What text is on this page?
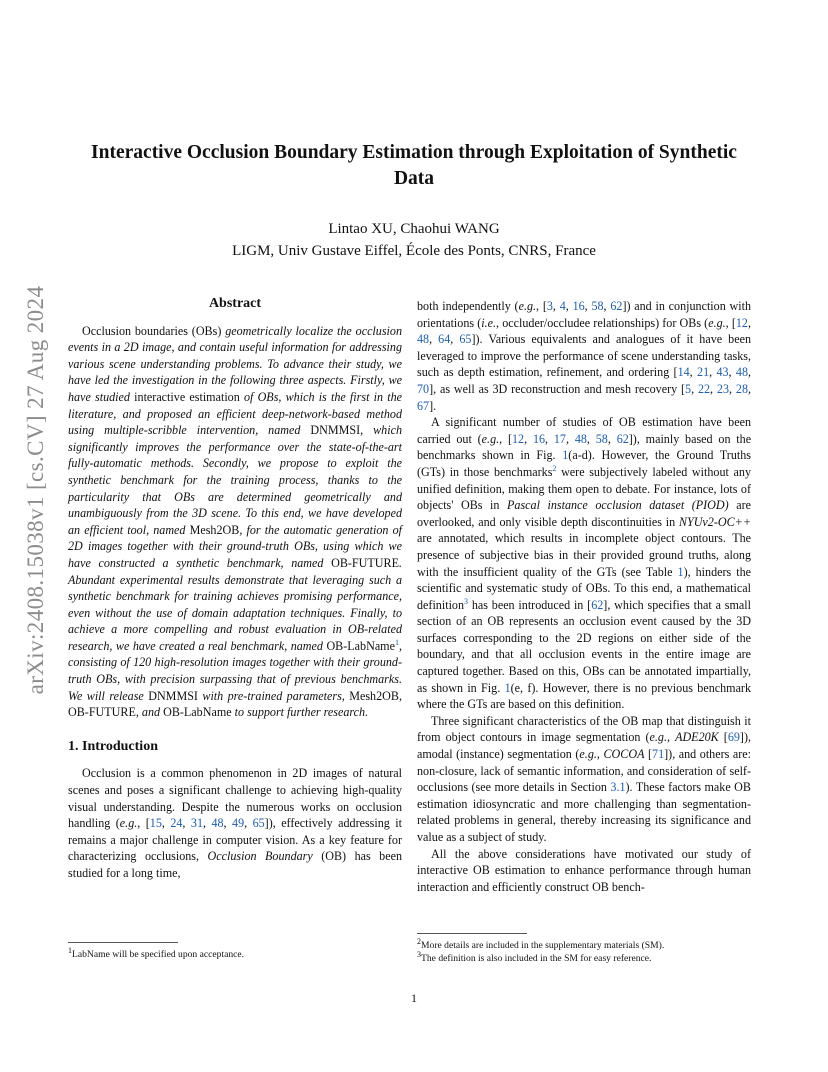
arXiv:2408.15038v1 [cs.CV] 27 Aug 2024
Interactive Occlusion Boundary Estimation through Exploitation of Synthetic Data
Lintao XU, Chaohui WANG
LIGM, Univ Gustave Eiffel, École des Ponts, CNRS, France
Abstract

Occlusion boundaries (OBs) geometrically localize the occlusion events in a 2D image, and contain useful information for addressing various scene understanding problems. To advance their study, we have led the investigation in the following three aspects. Firstly, we have studied interactive estimation of OBs, which is the first in the literature, and proposed an efficient deep-network-based method using multiple-scribble intervention, named DNMMSI, which significantly improves the performance over the state-of-the-art fully-automatic methods. Secondly, we propose to exploit the synthetic benchmark for the training process, thanks to the particularity that OBs are determined geometrically and unambiguously from the 3D scene. To this end, we have developed an efficient tool, named Mesh2OB, for the automatic generation of 2D images together with their ground-truth OBs, using which we have constructed a synthetic benchmark, named OB-FUTURE. Abundant experimental results demonstrate that leveraging such a synthetic benchmark for training achieves promising performance, even without the use of domain adaptation techniques. Finally, to achieve a more compelling and robust evaluation in OB-related research, we have created a real benchmark, named OB-LabName$^1$, consisting of 120 high-resolution images together with their ground-truth OBs, with precision surpassing that of previous benchmarks. We will release DNMMSI with pre-trained parameters, Mesh2OB, OB-FUTURE, and OB-LabName to support further research.

1. Introduction

Occlusion is a common phenomenon in 2D images of natural scenes and poses a significant challenge to achieving high-quality visual understanding. Despite the numerous works on occlusion handling (e.g., [15, 24, 31, 48, 49, 65]), effectively addressing it remains a major challenge in computer vision. As a key feature for characterizing occlusions, Occlusion Boundary (OB) has been studied for a long time,

both independently (e.g., [3, 4, 16, 58, 62]) and in conjunction with orientations (i.e., occluder/occludee relationships) for OBs (e.g., [12, 48, 64, 65]). Various equivalents and analogues of it have been leveraged to improve the performance of scene understanding tasks, such as depth estimation, refinement, and ordering [14, 21, 43, 48, 70], as well as 3D reconstruction and mesh recovery [5, 22, 23, 28, 67].

A significant number of studies of OB estimation have been carried out (e.g., [12, 16, 17, 48, 58, 62]), mainly based on the benchmarks shown in Fig. 1(a-d). However, the Ground Truths (GTs) in those benchmarks$^2$ were subjectively labeled without any unified definition, making them open to debate. For instance, lots of objects' OBs in Pascal instance occlusion dataset (PIOD) are overlooked, and only visible depth discontinuities in NYUv2-OC++ are annotated, which results in incomplete object contours. The presence of subjective bias in their provided ground truths, along with the insufficient quality of the GTs (see Table 1), hinders the scientific and systematic study of OBs. To this end, a mathematical definition$^3$ has been introduced in [62], which specifies that a small section of an OB represents an occlusion event caused by the 3D surfaces corresponding to the 2D regions on either side of the boundary, and that all occlusion events in the entire image are captured together. Based on this, OBs can be annotated impartially, as shown in Fig. 1(e, f). However, there is no previous benchmark where the GTs are based on this definition.

Three significant characteristics of the OB map that distinguish it from object contours in image segmentation (e.g., ADE20K [69]), amodal (instance) segmentation (e.g., COCOA [71]), and others are: non-closure, lack of semantic information, and consideration of self-occlusions (see more details in Section 3.1). These factors make OB estimation idiosyncratic and more challenging than segmentation-related problems in general, thereby increasing its significance and value as a subject of study.

All the above considerations have motivated our study of interactive OB estimation to enhance performance through human interaction and efficiently construct OB bench-

$^1$LabName will be specified upon acceptance.
$^2$More details are included in the supplementary materials (SM).
$^3$The definition is also included in the SM for easy reference.
1
